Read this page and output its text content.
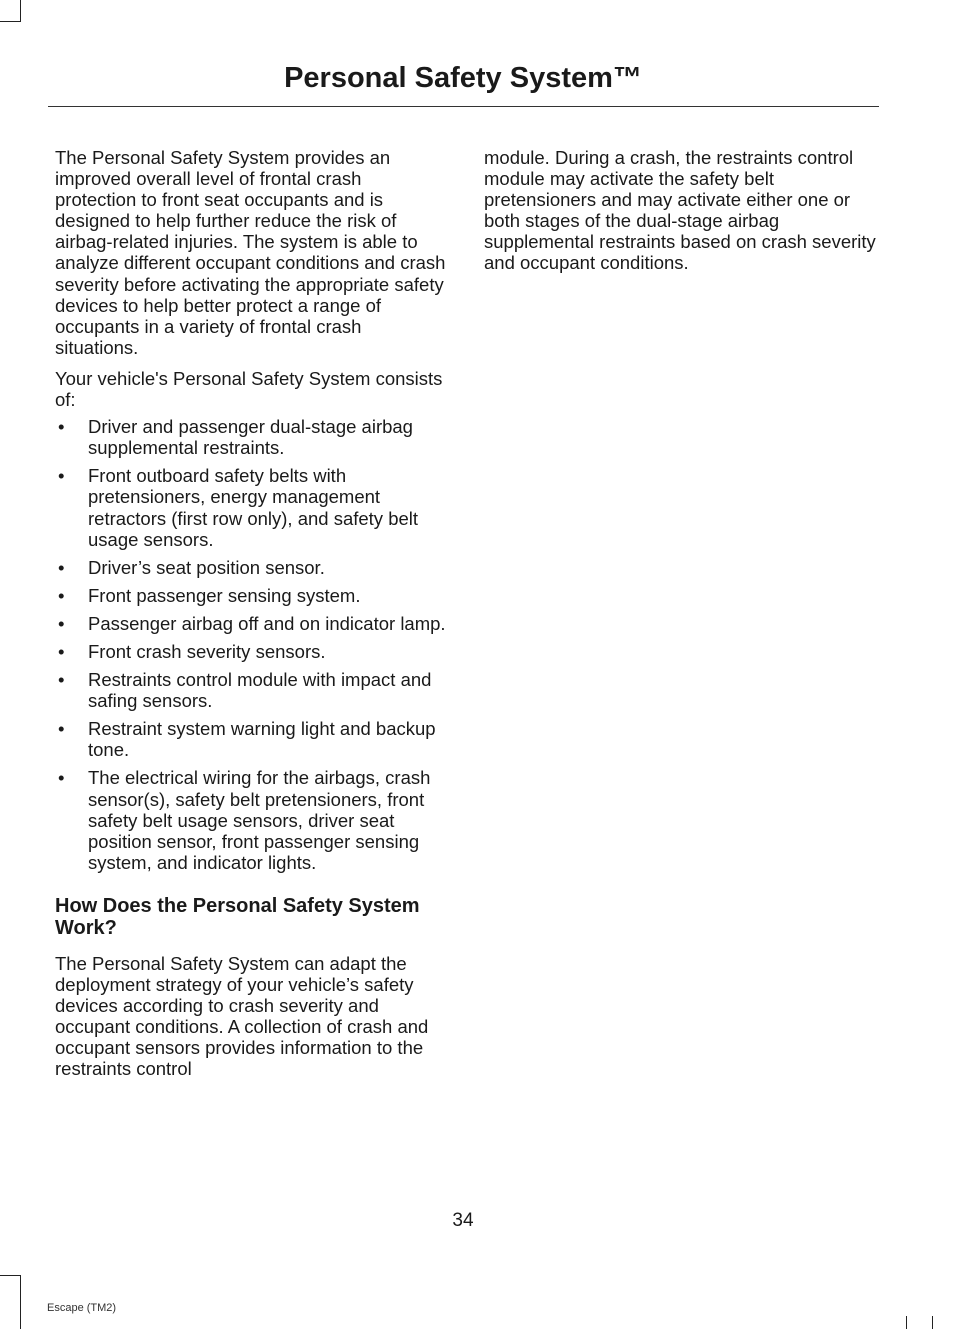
Personal Safety System™

The Personal Safety System provides an improved overall level of frontal crash protection to front seat occupants and is designed to help further reduce the risk of airbag-related injuries. The system is able to analyze different occupant conditions and crash severity before activating the appropriate safety devices to help better protect a range of occupants in a variety of frontal crash situations.

Your vehicle's Personal Safety System consists of:

• Driver and passenger dual-stage airbag supplemental restraints.
• Front outboard safety belts with pretensioners, energy management retractors (first row only), and safety belt usage sensors.
• Driver’s seat position sensor.
• Front passenger sensing system.
• Passenger airbag off and on indicator lamp.
• Front crash severity sensors.
• Restraints control module with impact and safing sensors.
• Restraint system warning light and backup tone.
• The electrical wiring for the airbags, crash sensor(s), safety belt pretensioners, front safety belt usage sensors, driver seat position sensor, front passenger sensing system, and indicator lights.
How Does the Personal Safety System Work?

The Personal Safety System can adapt the deployment strategy of your vehicle’s safety devices according to crash severity and occupant conditions. A collection of crash and occupant sensors provides information to the restraints control

module. During a crash, the restraints control module may activate the safety belt pretensioners and may activate either one or both stages of the dual-stage airbag supplemental restraints based on crash severity and occupant conditions.

34
Escape (TM2)
